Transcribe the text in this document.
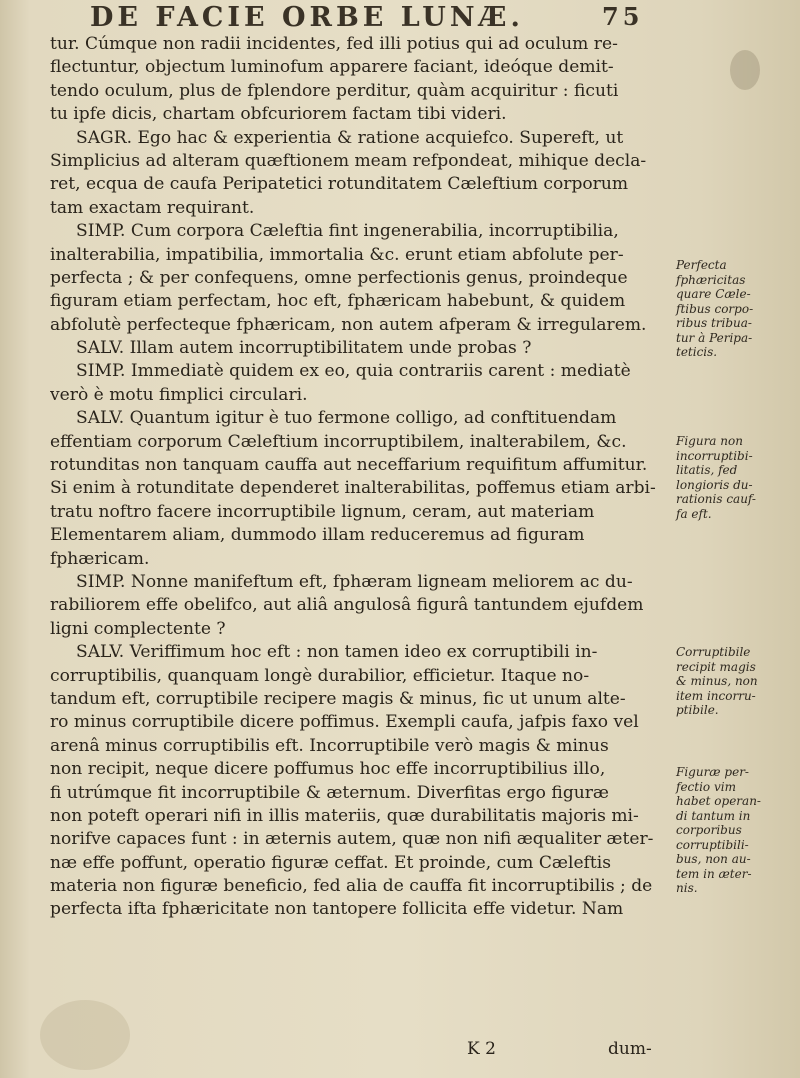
DE FACIE ORBE LUNÆ.	75
tur. Cúmque non radii incidentes, fed illi potius qui ad oculum re-
flectuntur, objectum luminofum apparere faciant, ideóque demit-
tendo oculum, plus de fplendore perditur, quàm acquiritur : ficuti
tu ipfe dicis, chartam obfcuriorem factam tibi videri.
SAGR. Ego hac & experientia & ratione acquiefco. Supereft, ut
Simplicius ad alteram quæftionem meam refpondeat, mihique decla-
ret, ecqua de caufa Peripatetici rotunditatem Cæleftium corporum
tam exactam requirant.
SIMP. Cum corpora Cæleftia fint ingenerabilia, incorruptibilia,
inalterabilia, impatibilia, immortalia &c. erunt etiam abfolute per-
perfecta ; & per confequens, omne perfectionis genus, proindeque
figuram etiam perfectam, hoc eft, fphæricam habebunt, & quidem
abfolutè perfecteque fphæricam, non autem afperam & irregularem.
SALV. Illam autem incorruptibilitatem unde probas ?
SIMP. Immediatè quidem ex eo, quia contrariis carent : mediatè
verò è motu fimplici circulari.
SALV. Quantum igitur è tuo fermone colligo, ad conftituendam
effentiam corporum Cæleftium incorruptibilem, inalterabilem, &c.
rotunditas non tanquam cauffa aut neceffarium requifitum affumitur.
Si enim à rotunditate dependeret inalterabilitas, poffemus etiam arbi-
tratu noftro facere incorruptibile lignum, ceram, aut materiam
Elementarem aliam, dummodo illam reduceremus ad figuram
fphæricam.
SIMP. Nonne manifeftum eft, fphæram ligneam meliorem ac du-
rabiliorem effe obelifco, aut aliâ angulosâ figurâ tantundem ejufdem
ligni complectente ?
SALV. Veriffimum hoc eft : non tamen ideo ex corruptibili in-
corruptibilis, quanquam longè durabilior, efficietur. Itaque no-
tandum eft, corruptibile recipere magis & minus, fic ut unum alte-
ro minus corruptibile dicere poffimus. Exempli caufa, jafpis faxo vel
arenâ minus corruptibilis eft. Incorruptibile verò magis & minus
non recipit, neque dicere poffumus hoc effe incorruptibilius illo,
fi utrúmque fit incorruptibile & æternum. Diverfitas ergo figuræ
non poteft operari nifi in illis materiis, quæ durabilitatis majoris mi-
norifve capaces funt : in æternis autem, quæ non nifi æqualiter æter-
næ effe poffunt, operatio figuræ ceffat. Et proinde, cum Cæleftis
materia non figuræ beneficio, fed alia de cauffa fit incorruptibilis ; de
perfecta ifta fphæricitate non tantopere follicita effe videtur. Nam
Perfecta
fphæricitas
quare Cæle-
ftibus corpo-
ribus tribua-
tur à Peripa-
teticis.
Figura non
incorruptibi-
litatis, fed
longioris du-
rationis cauf-
fa eft.
Corruptibile
recipit magis
& minus, non
item incorru-
ptibile.
Figuræ per-
fectio vim
habet operan-
di tantum in
corporibus
corruptibili-
bus, non au-
tem in æter-
nis.
K 2	dum-
